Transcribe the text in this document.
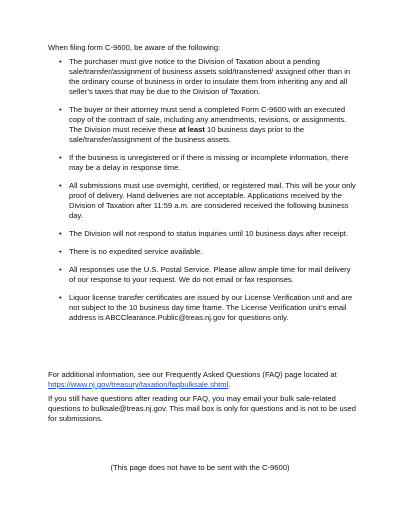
When filing form C-9600, be aware of the following:
• The purchaser must give notice to the Division of Taxation about a pending sale/transfer/assignment of business assets sold/transferred/ assigned other than in the ordinary course of business in order to insulate them from inheriting any and all seller’s taxes that may be due to the Division of Taxation.
• The buyer or their attorney must send a completed Form C-9600 with an executed copy of the contract of sale, including any amendments, revisions, or assignments. The Division must receive these at least 10 business days prior to the sale/transfer/assignment of the business assets.
• If the business is unregistered or if there is missing or incomplete information, there may be a delay in response time.
• All submissions must use overnight, certified, or registered mail. This will be your only proof of delivery. Hand deliveries are not acceptable. Applications received by the Division of Taxation after 11:59 a.m. are considered received the following business day.
• The Division will not respond to status inquiries until 10 business days after receipt.
• There is no expedited service available.
• All responses use the U.S. Postal Service. Please allow ample time for mail delivery of our response to your request. We do not email or fax responses.
• Liquor license transfer certificates are issued by our License Verification unit and are not subject to the 10 business day time frame. The License Verification unit’s email address is ABCClearance.Public@treas.nj.gov for questions only.
For additional information, see our Frequently Asked Questions (FAQ) page located at https://www.nj.gov/treasury/taxation/faqbulksale.shtml.
If you still have questions after reading our FAQ, you may email your bulk sale-related questions to bulksale@treas.nj.gov. This mail box is only for questions and is not to be used for submissions.
(This page does not have to be sent with the C-9600)
